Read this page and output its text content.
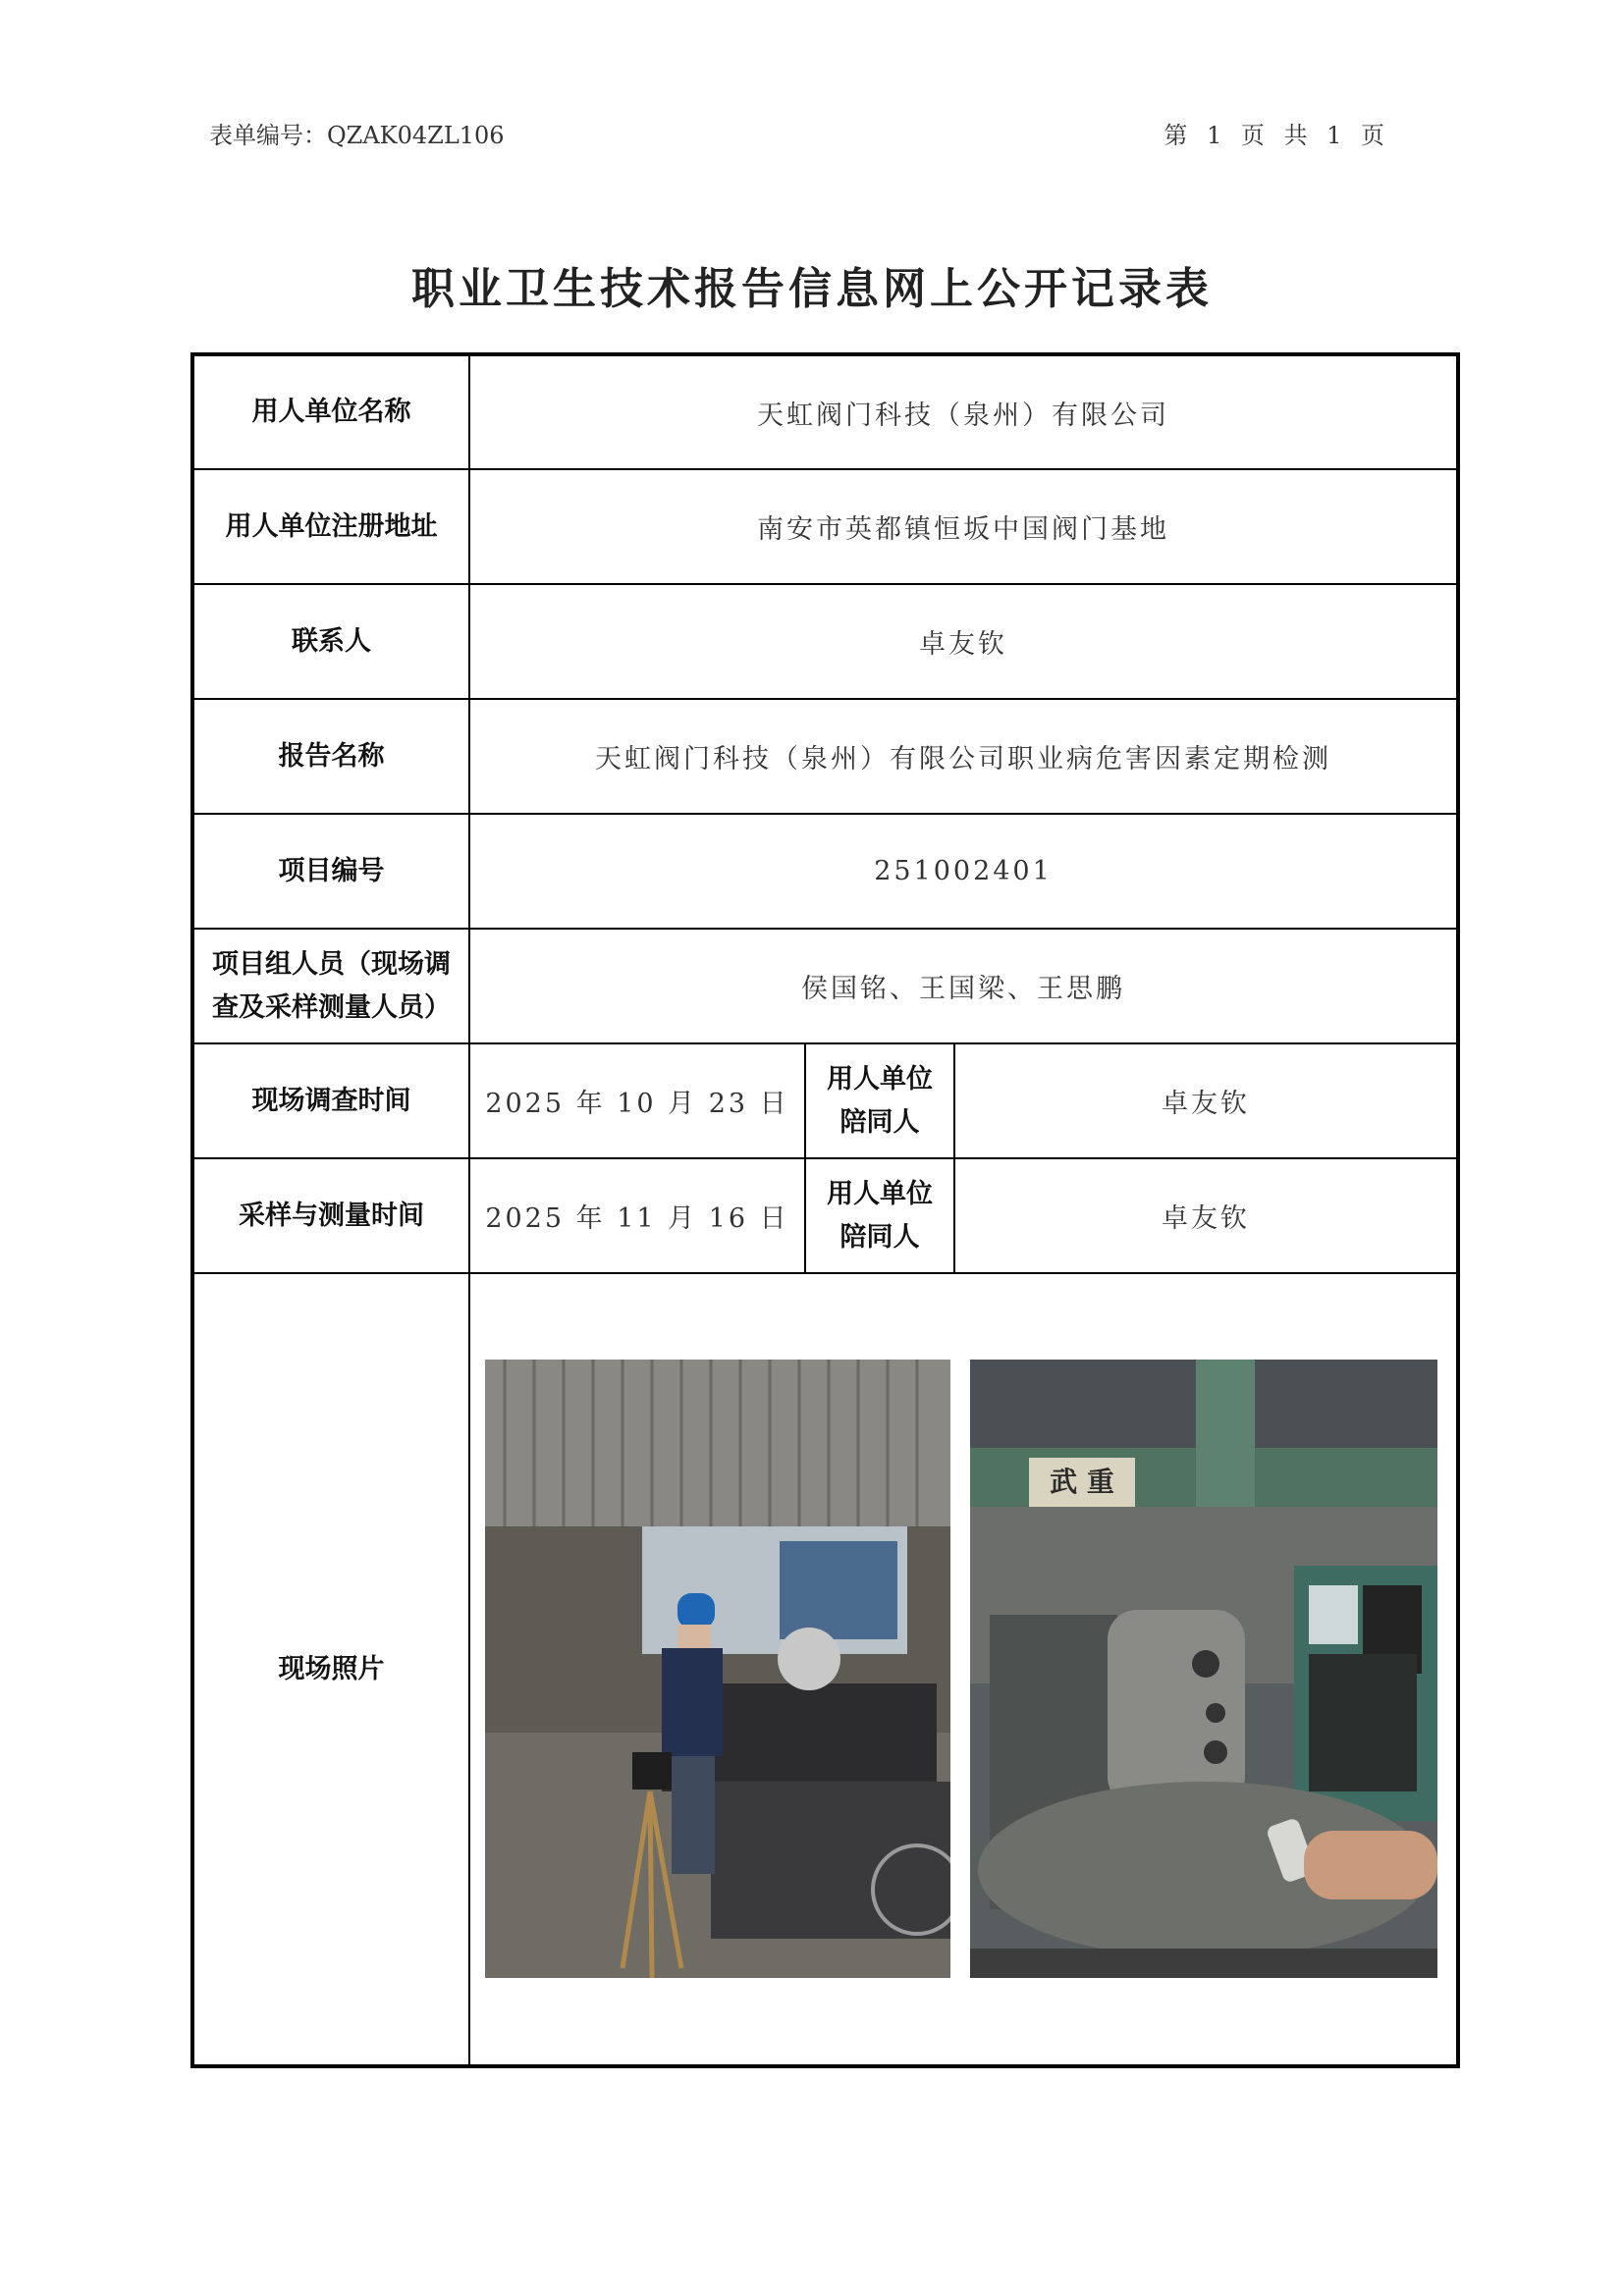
表单编号：QZAK04ZL106	第 1 页 共 1 页
职业卫生技术报告信息网上公开记录表
用人单位名称	天虹阀门科技（泉州）有限公司		
用人单位注册地址	南安市英都镇恒坂中国阀门基地		
联系人	卓友钦		
报告名称	天虹阀门科技（泉州）有限公司职业病危害因素定期检测		
项目编号	251002401		
项目组人员（现场调查及采样测量人员）	侯国铭、王国梁、王思鹏		
现场调查时间	2025 年 10 月 23 日	用人单位陪同人	卓友钦
采样与测量时间	2025 年 11 月 16 日	用人单位陪同人	卓友钦
现场照片	武 重		
